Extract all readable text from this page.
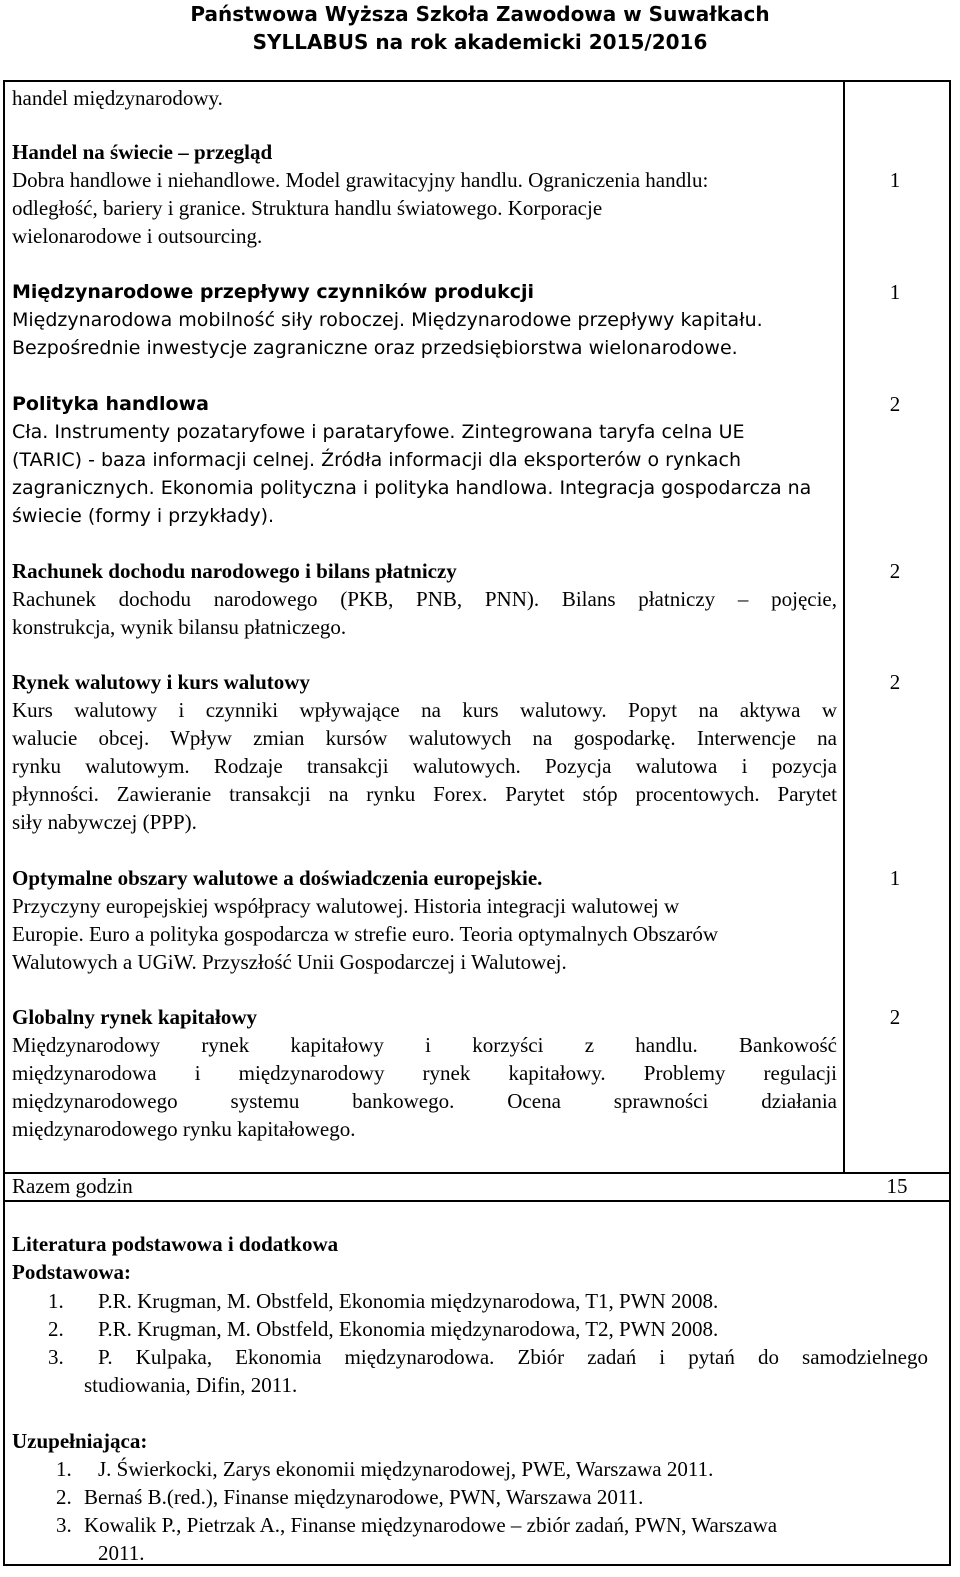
Państwowa Wyższa Szkoła Zawodowa w Suwałkach
SYLLABUS na rok akademicki 2015/2016
handel międzynarodowy.
Handel na świecie – przegląd
Dobra handlowe i niehandlowe. Model grawitacyjny handlu. Ograniczenia handlu:
odległość, bariery i granice. Struktura handlu światowego. Korporacje
wielonarodowe i outsourcing.
1
Międzynarodowe przepływy czynników produkcji
Międzynarodowa mobilność siły roboczej. Międzynarodowe przepływy kapitału.
Bezpośrednie inwestycje zagraniczne oraz przedsiębiorstwa wielonarodowe.
1
Polityka handlowa
Cła. Instrumenty pozataryfowe i parataryfowe. Zintegrowana taryfa celna UE
(TARIC) - baza informacji celnej. Źródła informacji dla eksporterów o rynkach
zagranicznych. Ekonomia polityczna i polityka handlowa. Integracja gospodarcza na
świecie (formy i przykłady).
2
Rachunek dochodu narodowego i bilans płatniczy
Rachunek dochodu narodowego (PKB, PNB, PNN). Bilans płatniczy – pojęcie,
konstrukcja, wynik bilansu płatniczego.
2
Rynek walutowy i kurs walutowy
Kurs walutowy i czynniki wpływające na kurs walutowy. Popyt na aktywa w
walucie obcej. Wpływ zmian kursów walutowych na gospodarkę. Interwencje na
rynku walutowym. Rodzaje transakcji walutowych. Pozycja walutowa i pozycja
płynności. Zawieranie transakcji na rynku Forex. Parytet stóp procentowych. Parytet
siły nabywczej (PPP).
2
Optymalne obszary walutowe a doświadczenia europejskie.
Przyczyny europejskiej współpracy walutowej. Historia integracji walutowej w
Europie. Euro a polityka gospodarcza w strefie euro. Teoria optymalnych Obszarów
Walutowych a UGiW. Przyszłość Unii Gospodarczej i Walutowej.
1
Globalny rynek kapitałowy
Międzynarodowy rynek kapitałowy i korzyści z handlu. Bankowość
międzynarodowa i międzynarodowy rynek kapitałowy. Problemy regulacji
międzynarodowego systemu bankowego. Ocena sprawności działania
międzynarodowego rynku kapitałowego.
2
Razem godzin	15
Literatura podstawowa i dodatkowa
Podstawowa:
1. P.R. Krugman, M. Obstfeld, Ekonomia międzynarodowa, T1, PWN 2008.
2. P.R. Krugman, M. Obstfeld, Ekonomia międzynarodowa, T2, PWN 2008.
3. P. Kulpaka, Ekonomia międzynarodowa. Zbiór zadań i pytań do samodzielnego
studiowania, Difin, 2011.
Uzupełniająca:
1. J. Świerkocki, Zarys ekonomii międzynarodowej, PWE, Warszawa 2011.
2. Bernaś B.(red.), Finanse międzynarodowe, PWN, Warszawa 2011.
3. Kowalik P., Pietrzak A., Finanse międzynarodowe – zbiór zadań, PWN, Warszawa
2011.
